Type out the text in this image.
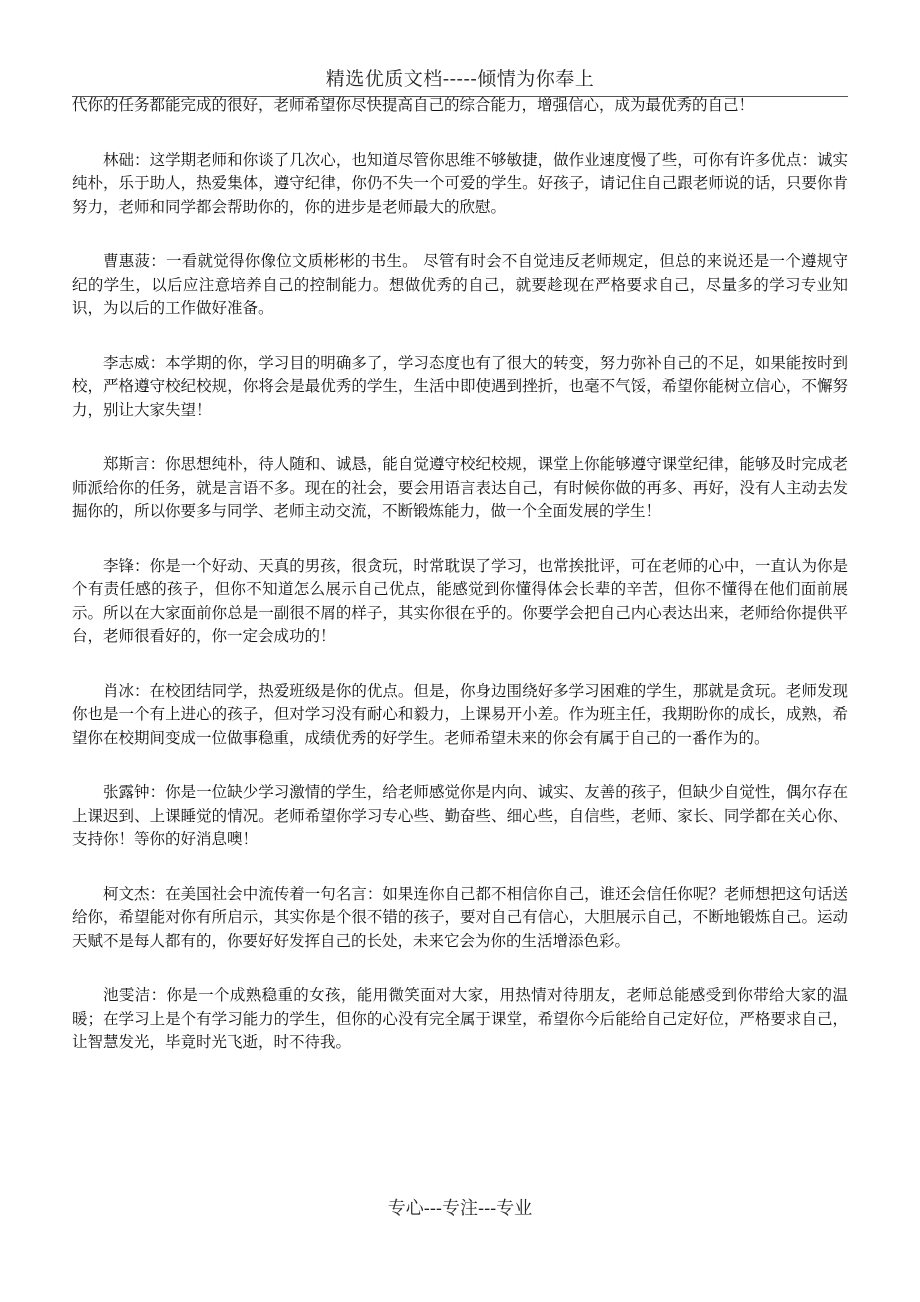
精选优质文档-----倾情为你奉上

代你的任务都能完成的很好，老师希望你尽快提高自己的综合能力，增强信心，成为最优秀的自己！

林础：这学期老师和你谈了几次心，也知道尽管你思维不够敏捷，做作业速度慢了些，可你有许多优点：诚实纯朴，乐于助人，热爱集体，遵守纪律，你仍不失一个可爱的学生。好孩子，请记住自己跟老师说的话，只要你肯努力，老师和同学都会帮助你的，你的进步是老师最大的欣慰。

曹惠菠：一看就觉得你像位文质彬彬的书生。 尽管有时会不自觉违反老师规定，但总的来说还是一个遵规守纪的学生，以后应注意培养自己的控制能力。想做优秀的自己，就要趁现在严格要求自己，尽量多的学习专业知识，为以后的工作做好准备。

李志威：本学期的你，学习目的明确多了，学习态度也有了很大的转变，努力弥补自己的不足，如果能按时到校，严格遵守校纪校规，你将会是最优秀的学生，生活中即使遇到挫折，也毫不气馁，希望你能树立信心，不懈努力，别让大家失望！

郑斯言：你思想纯朴，待人随和、诚恳，能自觉遵守校纪校规，课堂上你能够遵守课堂纪律，能够及时完成老师派给你的任务，就是言语不多。现在的社会，要会用语言表达自己，有时候你做的再多、再好，没有人主动去发掘你的，所以你要多与同学、老师主动交流，不断锻炼能力，做一个全面发展的学生！

李锋：你是一个好动、天真的男孩，很贪玩，时常耽误了学习，也常挨批评，可在老师的心中，一直认为你是个有责任感的孩子，但你不知道怎么展示自己优点，能感觉到你懂得体会长辈的辛苦，但你不懂得在他们面前展示。所以在大家面前你总是一副很不屑的样子，其实你很在乎的。你要学会把自己内心表达出来，老师给你提供平台，老师很看好的，你一定会成功的！

肖冰：在校团结同学，热爱班级是你的优点。但是，你身边围绕好多学习困难的学生，那就是贪玩。老师发现你也是一个有上进心的孩子，但对学习没有耐心和毅力，上课易开小差。作为班主任，我期盼你的成长，成熟，希望你在校期间变成一位做事稳重，成绩优秀的好学生。老师希望未来的你会有属于自己的一番作为的。

张露钟：你是一位缺少学习激情的学生，给老师感觉你是内向、诚实、友善的孩子，但缺少自觉性，偶尔存在上课迟到、上课睡觉的情况。老师希望你学习专心些、勤奋些、细心些，自信些，老师、家长、同学都在关心你、支持你！等你的好消息噢！

柯文杰：在美国社会中流传着一句名言：如果连你自己都不相信你自己，谁还会信任你呢？老师想把这句话送给你，希望能对你有所启示，其实你是个很不错的孩子，要对自己有信心，大胆展示自己，不断地锻炼自己。运动天赋不是每人都有的，你要好好发挥自己的长处，未来它会为你的生活增添色彩。

池雯洁：你是一个成熟稳重的女孩，能用微笑面对大家，用热情对待朋友，老师总能感受到你带给大家的温暖；在学习上是个有学习能力的学生，但你的心没有完全属于课堂，希望你今后能给自己定好位，严格要求自己，让智慧发光，毕竟时光飞逝，时不待我。

专心---专注---专业
